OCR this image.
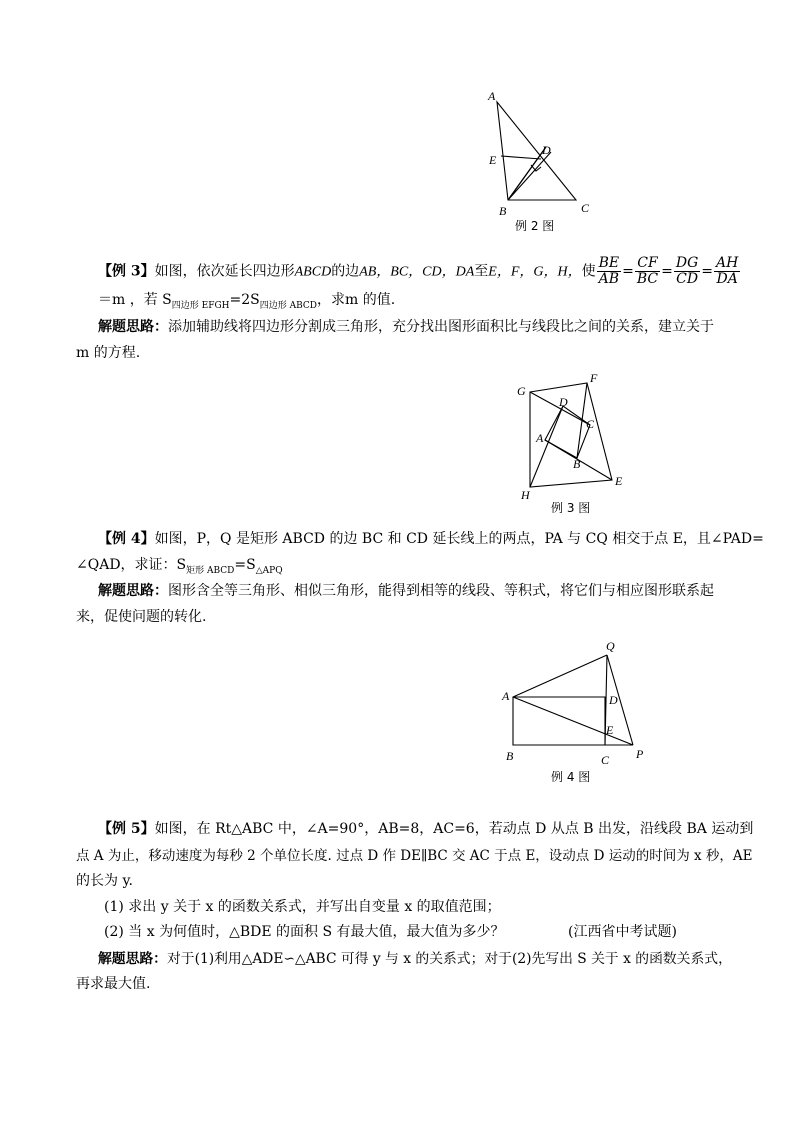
A
D
E
B	C
例 2 图
【例 3】如图，依次延长四边形ABCD的边AB，BC，CD，DA至E，F，G，H，使 $\frac{BE}{AB} = \frac{CF}{BC} = \frac{DG}{CD} = \frac{AH}{DA}$
＝m ，若 $S_{四边形 EFGH}=2S_{四边形 ABCD}$，求m 的值.
解题思路：添加辅助线将四边形分割成三角形，充分找出图形面积比与线段比之间的关系，建立关于
m 的方程.
G
F
D
C
A
B
E
H
例 3 图
【例 4】如图，P，Q 是矩形 ABCD 的边 BC 和 CD 延长线上的两点，PA 与 CQ 相交于点 E，且∠PAD=
∠QAD，求证：$S_{矩形 ABCD}=S_{\triangle APQ}$
解题思路：图形含全等三角形、相似三角形，能得到相等的线段、等积式，将它们与相应图形联系起
来，促使问题的转化.
Q
A	D
E
B	C P
例 4 图
【例 5】如图，在 Rt△ABC 中，∠A=90°，AB=8，AC=6，若动点 D 从点 B 出发，沿线段 BA 运动到
点 A 为止，移动速度为每秒 2 个单位长度. 过点 D 作 DE∥BC 交 AC 于点 E，设动点 D 运动的时间为 x 秒，AE
的长为 y.
(1) 求出 y 关于 x 的函数关系式，并写出自变量 x 的取值范围；
(2) 当 x 为何值时，△BDE 的面积 S 有最大值，最大值为多少？	(江西省中考试题)
解题思路：对于(1)利用△ADE∽△ABC 可得 y 与 x 的关系式；对于(2)先写出 S 关于 x 的函数关系式，
再求最大值.
